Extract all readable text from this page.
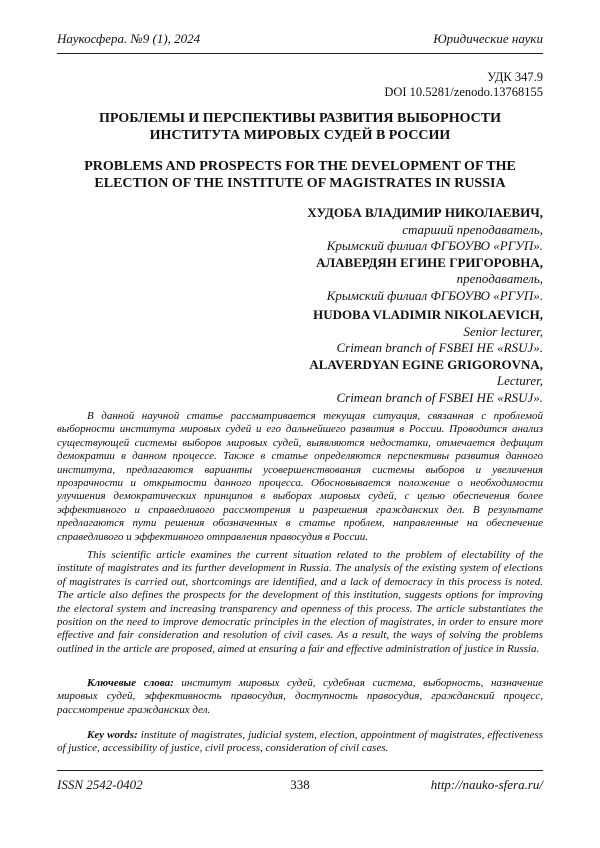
Наукосфера. №9 (1), 2024	Юридические науки
УДК 347.9
DOI 10.5281/zenodo.13768155
ПРОБЛЕМЫ И ПЕРСПЕКТИВЫ РАЗВИТИЯ ВЫБОРНОСТИ
ИНСТИТУТА МИРОВЫХ СУДЕЙ В РОССИИ
PROBLEMS AND PROSPECTS FOR THE DEVELOPMENT OF THE
ELECTION OF THE INSTITUTE OF MAGISTRATES IN RUSSIA
ХУДОБА ВЛАДИМИР НИКОЛАЕВИЧ,
старший преподаватель,
Крымский филиал ФГБОУВО «РГУП».
АЛАВЕРДЯН ЕГИНЕ ГРИГОРОВНА,
преподаватель,
Крымский филиал ФГБОУВО «РГУП».
HUDOBA VLADIMIR NIKOLAEVICH,
Senior lecturer,
Crimean branch of FSBEI HE «RSUJ».
ALAVERDYAN EGINE GRIGOROVNA,
Lecturer,
Crimean branch of FSBEI HE «RSUJ».

В данной научной статье рассматривается текущая ситуация, связанная с проблемой выборности института мировых судей и его дальнейшего развития в России. Проводится анализ существующей системы выборов мировых судей, выявляются недостатки, отмечается дефицит демократии в данном процессе. Также в статье определяются перспективы развития данного института, предлагаются варианты усовершенствования системы выборов и увеличения прозрачности и открытости данного процесса. Обосновывается положение о необходимости улучшения демократических принципов в выборах мировых судей, с целью обеспечения более эффективного и справедливого рассмотрения и разрешения гражданских дел. В результате предлагаются пути решения обозначенных в статье проблем, направленные на обеспечение справедливого и эффективного отправления правосудия в России.

This scientific article examines the current situation related to the problem of electability of the institute of magistrates and its further development in Russia. The analysis of the existing system of elections of magistrates is carried out, shortcomings are identified, and a lack of democracy in this process is noted. The article also defines the prospects for the development of this institution, suggests options for improving the electoral system and increasing transparency and openness of this process. The article substantiates the position on the need to improve democratic principles in the election of magistrates, in order to ensure more effective and fair consideration and resolution of civil cases. As a result, the ways of solving the problems outlined in the article are proposed, aimed at ensuring a fair and effective administration of justice in Russia.

Ключевые слова: институт мировых судей, судебная система, выборность, назначение мировых судей, эффективность правосудия, доступность правосудия, гражданский процесс, рассмотрение гражданских дел.

Key words: institute of magistrates, judicial system, election, appointment of magistrates, effectiveness of justice, accessibility of justice, civil process, consideration of civil cases.

ISSN 2542-0402	338	http://nauko-sfera.ru/
